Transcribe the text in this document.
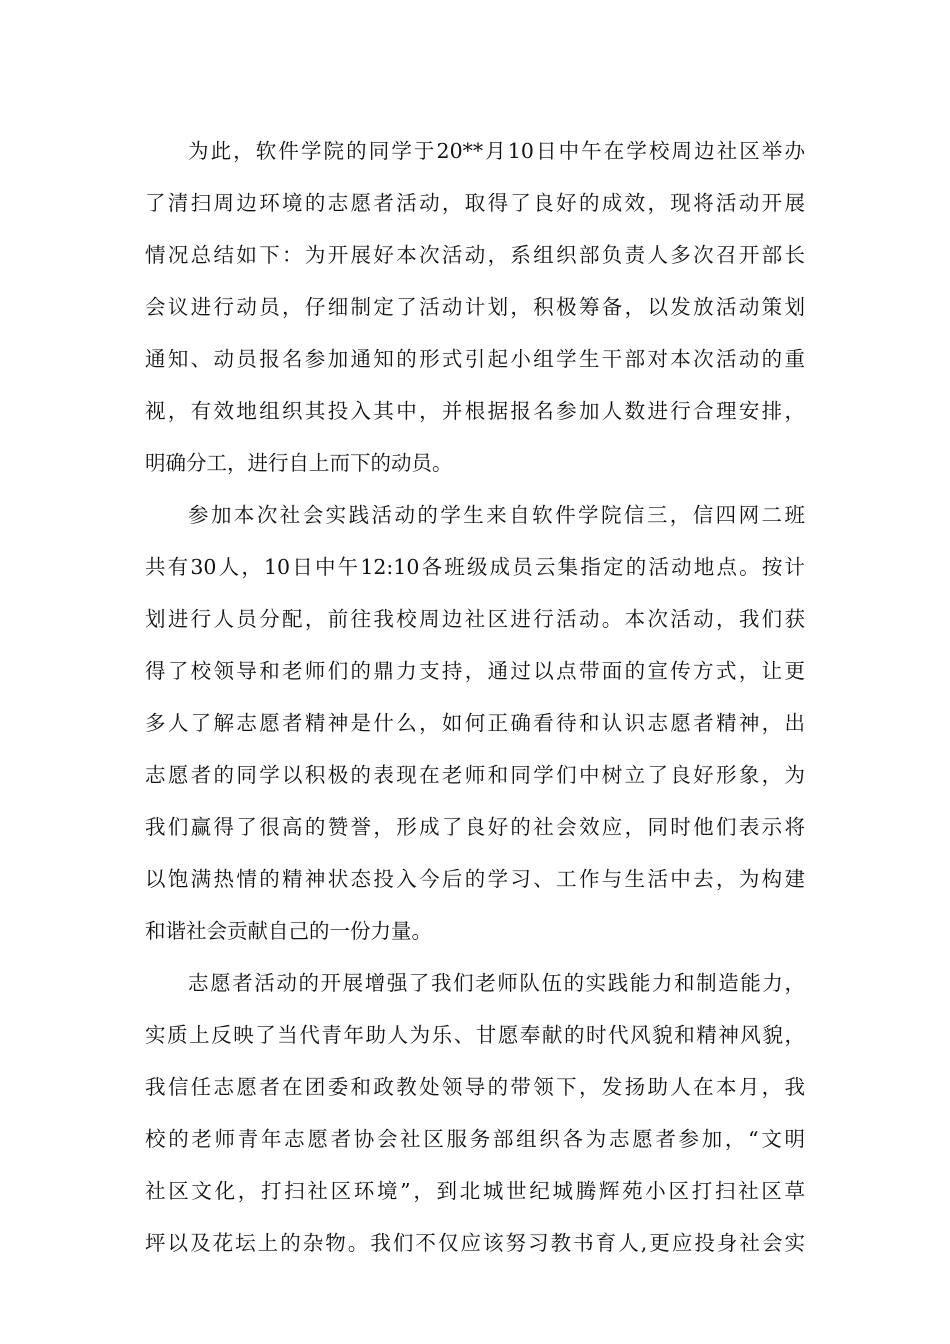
为此，软件学院的同学于20**月10日中午在学校周边社区举办
了清扫周边环境的志愿者活动，取得了良好的成效，现将活动开展
情况总结如下：为开展好本次活动，系组织部负责人多次召开部长
会议进行动员，仔细制定了活动计划，积极筹备，以发放活动策划
通知、动员报名参加通知的形式引起小组学生干部对本次活动的重
视，有效地组织其投入其中，并根据报名参加人数进行合理安排，
明确分工，进行自上而下的动员。
参加本次社会实践活动的学生来自软件学院信三，信四网二班
共有30人，10日中午12:10各班级成员云集指定的活动地点。按计
划进行人员分配，前往我校周边社区进行活动。本次活动，我们获
得了校领导和老师们的鼎力支持，通过以点带面的宣传方式，让更
多人了解志愿者精神是什么，如何正确看待和认识志愿者精神，出
志愿者的同学以积极的表现在老师和同学们中树立了良好形象，为
我们赢得了很高的赞誉，形成了良好的社会效应，同时他们表示将
以饱满热情的精神状态投入今后的学习、工作与生活中去，为构建
和谐社会贡献自己的一份力量。
志愿者活动的开展增强了我们老师队伍的实践能力和制造能力，
实质上反映了当代青年助人为乐、甘愿奉献的时代风貌和精神风貌，
我信任志愿者在团委和政教处领导的带领下，发扬助人在本月，我
校的老师青年志愿者协会社区服务部组织各为志愿者参加，“文明
社区文化，打扫社区环境”，到北城世纪城腾辉苑小区打扫社区草
坪以及花坛上的杂物。我们不仅应该努习教书育人,更应投身社会实
